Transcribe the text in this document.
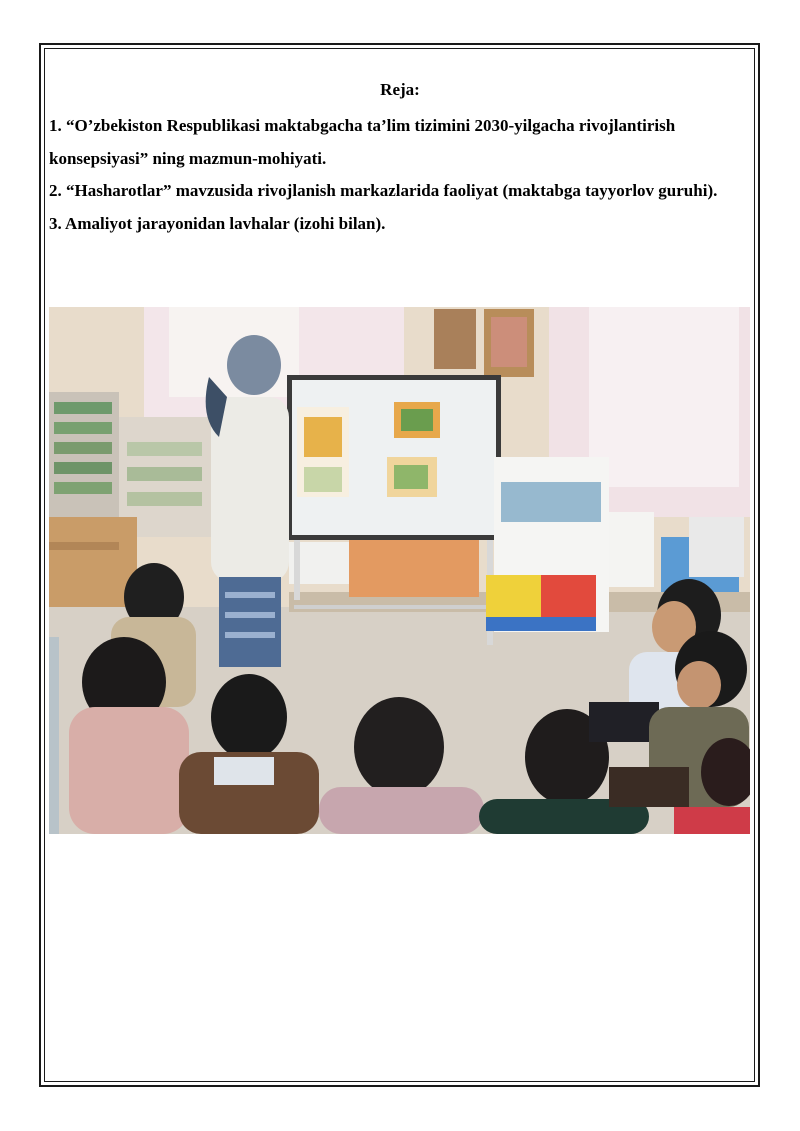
Reja:
1. “O’zbekiston Respublikasi maktabgacha ta’lim tizimini 2030-yilgacha rivojlantirish konsepsiyasi” ning mazmun-mohiyati.
2. “Hasharotlar” mavzusida rivojlanish markazlarida faoliyat (maktabga tayyorlov guruhi).
3. Amaliyot jarayonidan lavhalar (izohi bilan).
